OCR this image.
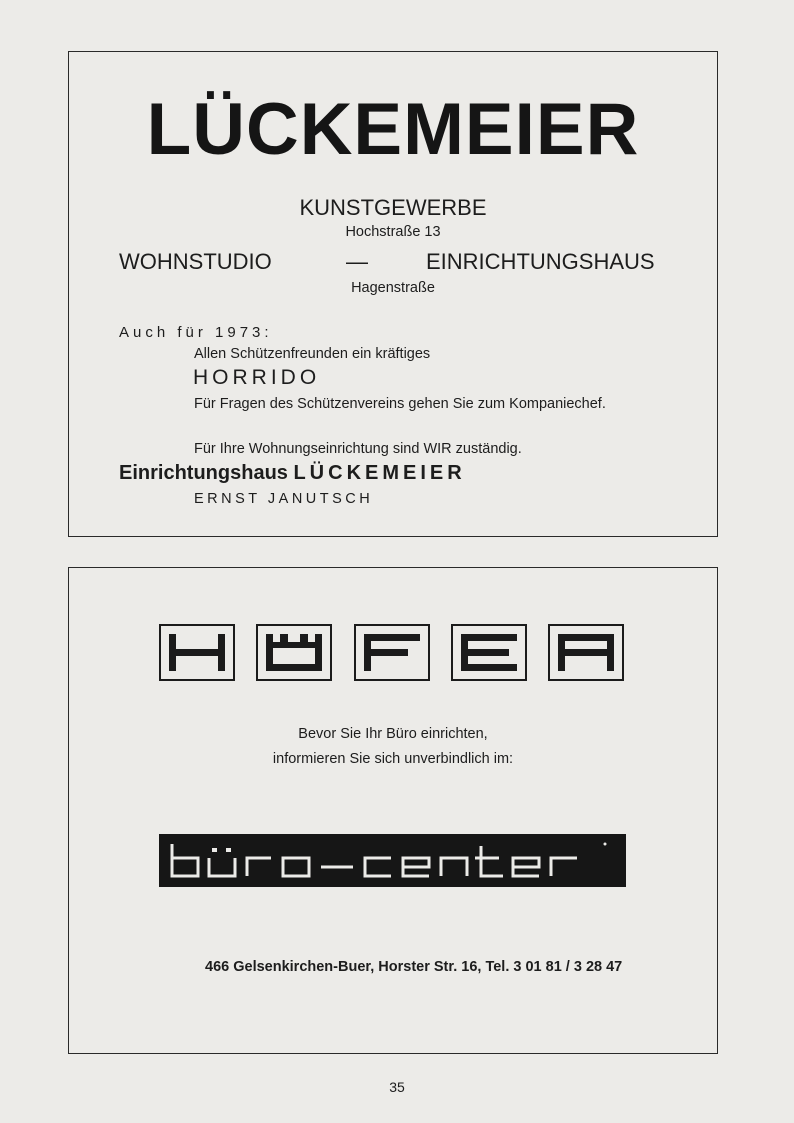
LÜCKEMEIER
KUNSTGEWERBE
Hochstraße 13
WOHNSTUDIO	—	EINRICHTUNGSHAUS
Hagenstraße
Auch für 1973:
Allen Schützenfreunden ein kräftiges
HORRIDO
Für Fragen des Schützenvereins gehen Sie zum Kompaniechef.
Für Ihre Wohnungseinrichtung sind WIR zuständig.
Einrichtungshaus LÜCKEMEIER
ERNST JANUTSCH
Bevor Sie Ihr Büro einrichten,
informieren Sie sich unverbindlich im:
466 Gelsenkirchen-Buer, Horster Str. 16, Tel. 3 01 81 / 3 28 47
35
